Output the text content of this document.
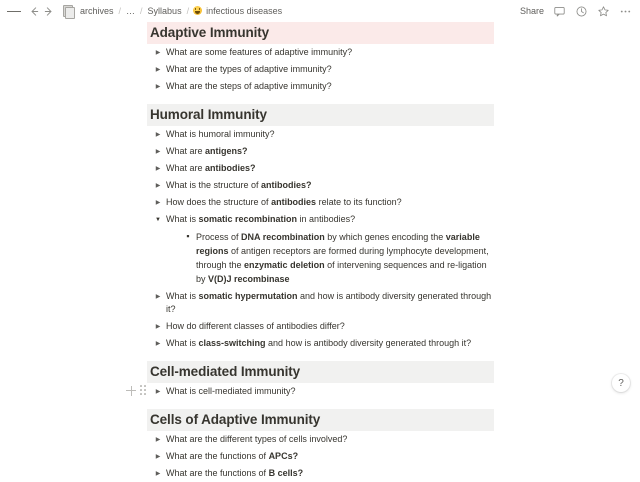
archives / … / Syllabus /	infectious diseases	Share
Adaptive Immunity
▶ What are some features of adaptive immunity?
▶ What are the types of adaptive immunity?
▶ What are the steps of adaptive immunity?
Humoral Immunity
▶ What is humoral immunity?
▶ What are antigens?
▶ What are antibodies?
▶ What is the structure of antibodies?
▶ How does the structure of antibodies relate to its function?
▼ What is somatic recombination in antibodies?
▪ Process of DNA recombination by which genes encoding the variable regions of antigen receptors are formed during lymphocyte development, through the enzymatic deletion of intervening sequences and re-ligation by V(D)J recombinase
▶ What is somatic hypermutation and how is antibody diversity generated through it?
▶ How do different classes of antibodies differ?
▶ What is class-switching and how is antibody diversity generated through it?
Cell-mediated Immunity
▶ What is cell-mediated immunity?
Cells of Adaptive Immunity
▶ What are the different types of cells involved?
▶ What are the functions of APCs?
▶ What are the functions of B cells?
?
